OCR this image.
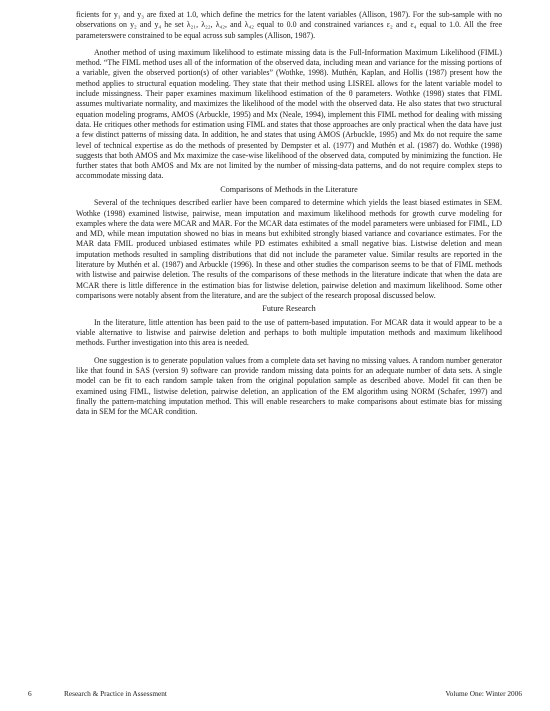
ficients for y₁ and y₃ are fixed at 1.0, which define the metrics for the latent variables (Allison, 1987). For the sub-sample with no observations on y₂ and y₄ he set λ₂₁, λ₂₂, λ₄₂, and λ₄₂ equal to 0.0 and constrained variances ε₂ and ε₄ equal to 1.0. All the free parameterswere constrained to be equal across sub samples (Allison, 1987).

Another method of using maximum likelihood to estimate missing data is the Full-Information Maximum Likelihood (FIML) method. “The FIML method uses all of the information of the observed data, including mean and variance for the missing portions of a variable, given the observed portion(s) of other variables” (Wothke, 1998). Muthén, Kaplan, and Hollis (1987) present how the method applies to structural equation modeling. They state that their method using LISREL allows for the latent variable model to include missingness. Their paper examines maximum likelihood estimation of the θ parameters. Wothke (1998) states that FIML assumes multivariate normality, and maximizes the likelihood of the model with the observed data. He also states that two structural equation modeling programs, AMOS (Arbuckle, 1995) and Mx (Neale, 1994), implement this FIML method for dealing with missing data. He critiques other methods for estimation using FIML and states that those approaches are only practical when the data have just a few distinct patterns of missing data. In addition, he and states that using AMOS (Arbuckle, 1995) and Mx do not require the same level of technical expertise as do the methods of presented by Dempster et al. (1977) and Muthén et al. (1987) do. Wothke (1998) suggests that both AMOS and Mx maximize the case-wise likelihood of the observed data, computed by minimizing the function. He further states that both AMOS and Mx are not limited by the number of missing-data patterns, and do not require complex steps to accommodate missing data.

Comparisons of Methods in the Literature

Several of the techniques described earlier have been compared to determine which yields the least biased estimates in SEM. Wothke (1998) examined listwise, pairwise, mean imputation and maximum likelihood methods for growth curve modeling for examples where the data were MCAR and MAR. For the MCAR data estimates of the model parameters were unbiased for FIML, LD and MD, while mean imputation showed no bias in means but exhibited strongly biased variance and covariance estimates. For the MAR data FMIL produced unbiased estimates while PD estimates exhibited a small negative bias. Listwise deletion and mean imputation methods resulted in sampling distributions that did not include the parameter value. Similar results are reported in the literature by Muthén et al. (1987) and Arbuckle (1996). In these and other studies the comparison seems to be that of FIML methods with listwise and pairwise deletion. The results of the comparisons of these methods in the literature indicate that when the data are MCAR there is little difference in the estimation bias for listwise deletion, pairwise deletion and maximum likelihood. Some other comparisons were notably absent from the literature, and are the subject of the research proposal discussed below.

Future Research

In the literature, little attention has been paid to the use of pattern-based imputation. For MCAR data it would appear to be a viable alternative to listwise and pairwise deletion and perhaps to both multiple imputation methods and maximum likelihood methods. Further investigation into this area is needed.

One suggestion is to generate population values from a complete data set having no missing values. A random number generator like that found in SAS (version 9) software can provide random missing data points for an adequate number of data sets. A single model can be fit to each random sample taken from the original population sample as described above. Model fit can then be examined using FIML, listwise deletion, pairwise deletion, an application of the EM algorithm using NORM (Schafer, 1997) and finally the pattern-matching imputation method. This will enable researchers to make comparisons about estimate bias for missing data in SEM for the MCAR condition.

6	Research & Practice in Assessment	Volume One: Winter 2006
